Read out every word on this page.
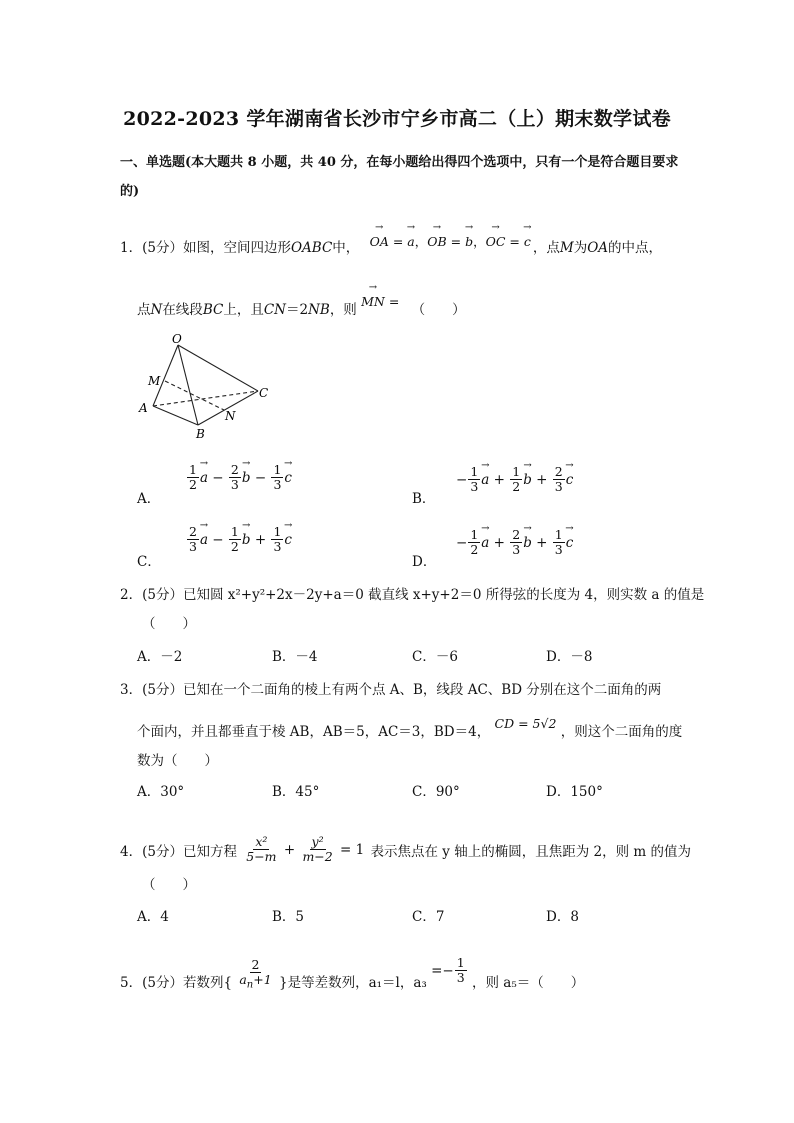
2022-2023 学年湖南省长沙市宁乡市高二（上）期末数学试卷
一、单选题(本大题共 8 小题，共 40 分，在每小题给出得四个选项中，只有一个是符合题目要求的)
1．(5分）如图，空间四边形OABC中， → OA = → a，→ OB = → b，→ OC = → c ，点M为OA的中点，
点N在线段BC上，且CN＝2NB，则 → MN = （　　）
O
M
A
B
N
C
A．
$\frac{1}{2}$
→ $a - \frac{2}{3}$
→ $b - \frac{1}{3}$
→ c
B．
− $\frac{1}{3}$
→ $a + \frac{1}{2}$
→ $b + \frac{2}{3}$
→ c
C．
$\frac{2}{3}$
→ $a - \frac{1}{2}$
→ $b + \frac{1}{3}$
→ c
D．
− $\frac{1}{2}$
→ $a + \frac{2}{3}$
→ $b + \frac{1}{3}$
→ c
2．(5分）已知圆 x²+y²+2x－2y+a＝0 截直线 x+y+2＝0 所得弦的长度为 4，则实数 a 的值是
（　　）
A．－2	B．－4	C．－6	D．－8
3．(5分）已知在一个二面角的棱上有两个点 A、B，线段 AC、BD 分别在这个二面角的两
个面内，并且都垂直于棱 AB，AB＝5，AC＝3，BD＝4， CD = 5√2 ，则这个二面角的度
数为（　　）
A．30°	B．45°	C．90°	D．150°
4．(5分）已知方程 $\frac{\text{x²}}{5-m} + \frac{\text{y²}}{m-2} = 1$ 表示焦点在 y 轴上的椭圆，且焦距为 2，则 m 的值为
（　　）
A．4	B．5	C．7	D．8
5．(5分）若数列{ $\frac{2}{a_n+1}$ }是等差数列，a₁＝l，$a_3 =- \frac{1}{3}$ ，则 a₅＝（　　）
